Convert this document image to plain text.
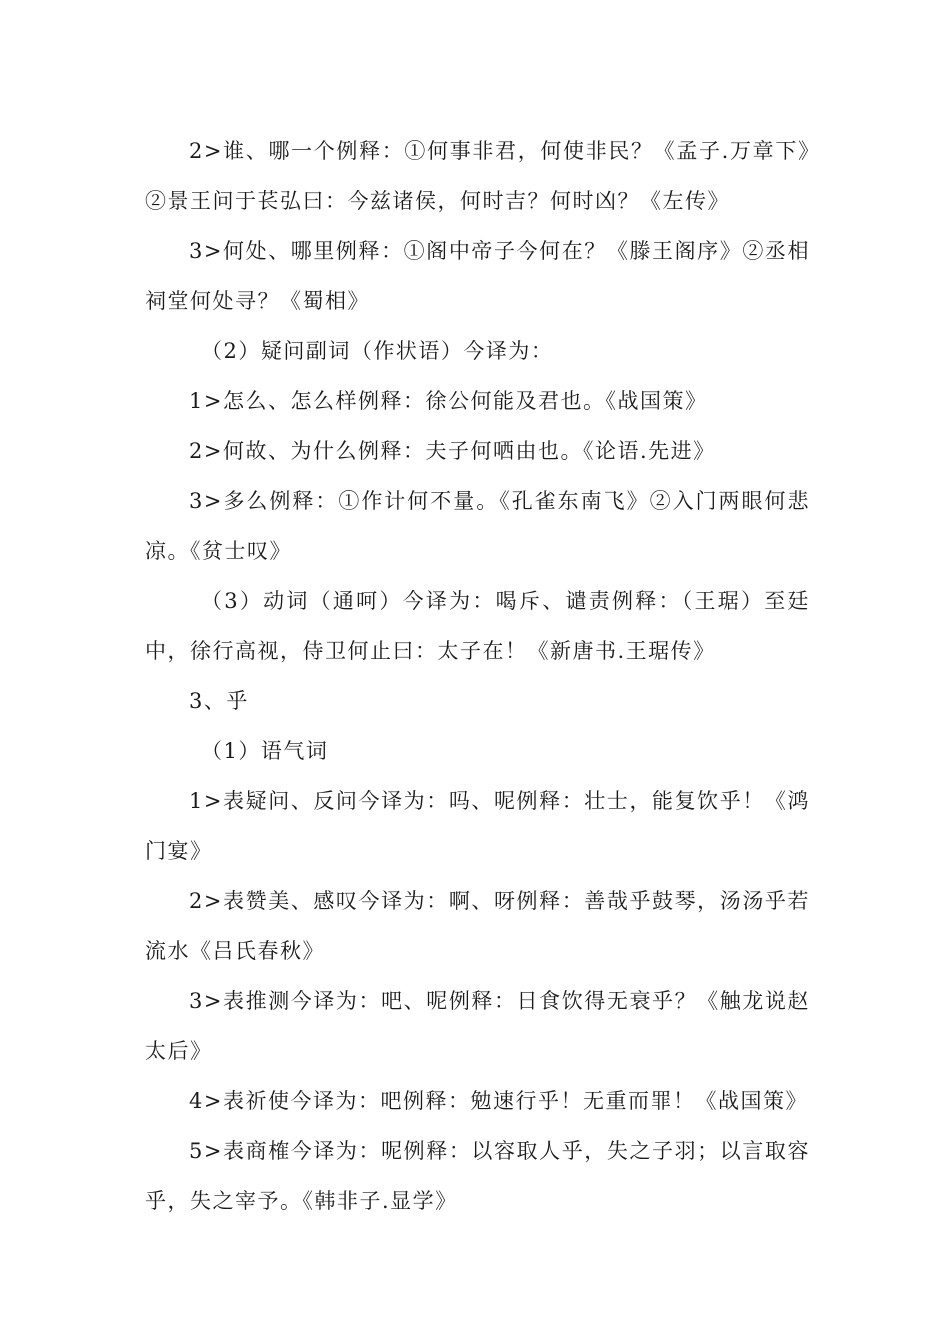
2>谁、哪一个例释：①何事非君，何使非民？《孟子.万章下》②景王问于苌弘曰：今兹诸侯，何时吉？何时凶？《左传》

3>何处、哪里例释：①阁中帝子今何在？《滕王阁序》②丞相祠堂何处寻？《蜀相》

（2）疑问副词（作状语）今译为：

1>怎么、怎么样例释：徐公何能及君也。《战国策》

2>何故、为什么例释：夫子何哂由也。《论语.先进》

3>多么例释：①作计何不量。《孔雀东南飞》②入门两眼何悲凉。《贫士叹》

（3）动词（通呵）今译为：喝斥、谴责例释：（王琚）至廷中，徐行高视，侍卫何止曰：太子在！《新唐书.王琚传》

3、乎

（1）语气词

1>表疑问、反问今译为：吗、呢例释：壮士，能复饮乎！《鸿门宴》

2>表赞美、感叹今译为：啊、呀例释：善哉乎鼓琴，汤汤乎若流水《吕氏春秋》

3>表推测今译为：吧、呢例释：日食饮得无衰乎？《触龙说赵太后》

4>表祈使今译为：吧例释：勉速行乎！无重而罪！《战国策》

5>表商榷今译为：呢例释：以容取人乎，失之子羽；以言取容乎，失之宰予。《韩非子.显学》
